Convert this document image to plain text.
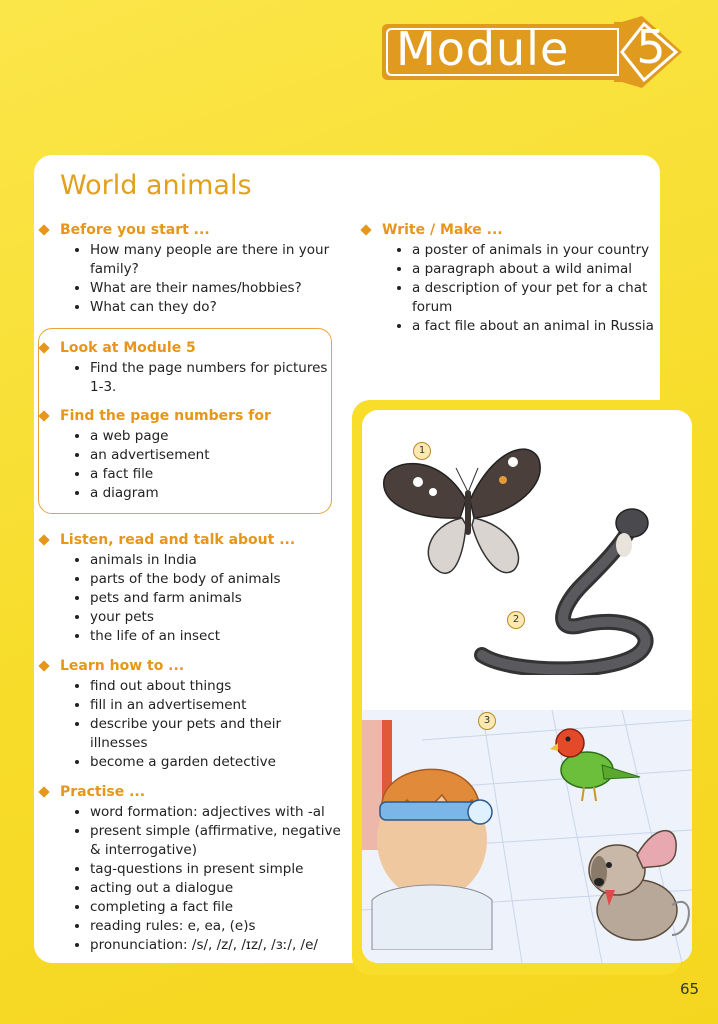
Module 5
World animals
Before you start ...
• How many people are there in your
family?
• What are their names/hobbies?
• What can they do?
Look at Module 5
• Find the page numbers for pictures
1-3.
Find the page numbers for
• a web page
• an advertisement
• a fact file
• a diagram
Listen, read and talk about ...
• animals in India
• parts of the body of animals
• pets and farm animals
• your pets
• the life of an insect
Learn how to ...
• find out about things
• fill in an advertisement
• describe your pets and their
illnesses
• become a garden detective
Practise ...
• word formation: adjectives with -al
• present simple (affirmative, negative
& interrogative)
• tag-questions in present simple
• acting out a dialogue
• completing a fact file
• reading rules: e, ea, (e)s
• pronunciation: /s/, /z/, /ɪz/, /ɜː/, /e/
Write / Make ...
• a poster of animals in your country
• a paragraph about a wild animal
• a description of your pet for a chat
forum
• a fact file about an animal in Russia
1
2
3
65
